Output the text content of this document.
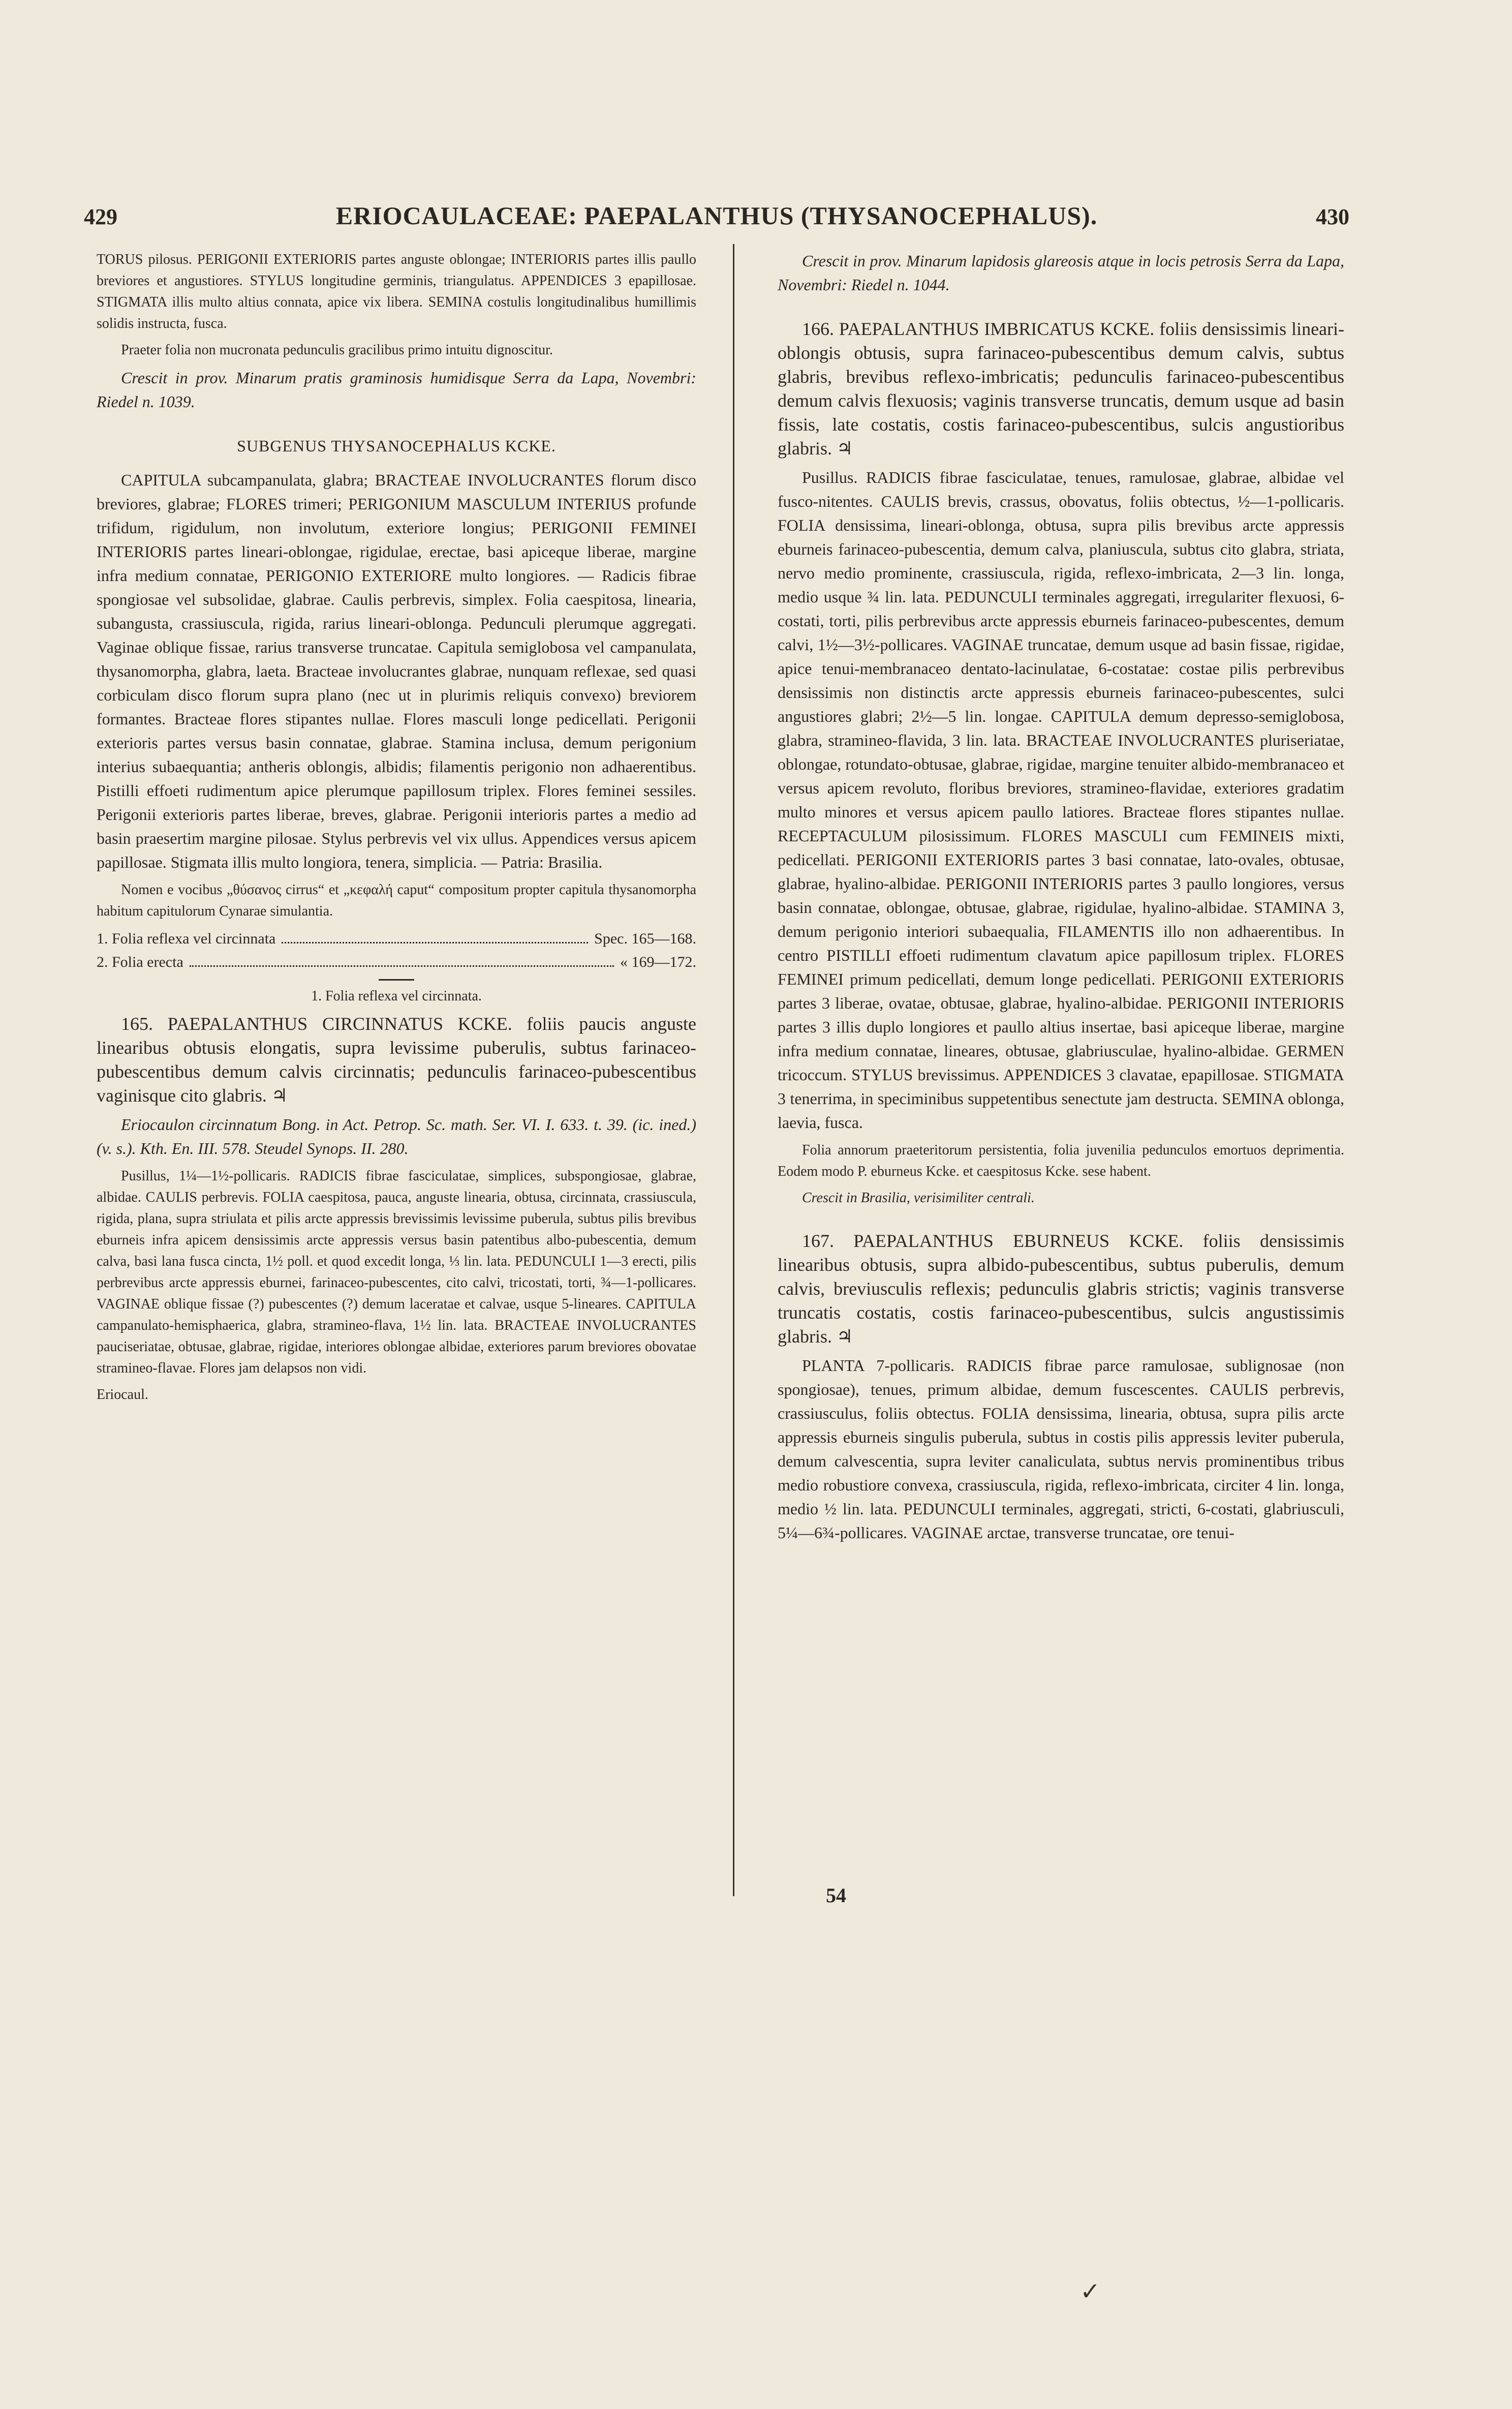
429	ERIOCAULACEAE: PAEPALANTHUS (THYSANOCEPHALUS).	430

TORUS pilosus. PERIGONII EXTERIORIS partes anguste oblongae; INTERIORIS partes illis paullo breviores et angustiores. STYLUS longitudine germinis, triangulatus. APPENDICES 3 epapillosae. STIGMATA illis multo altius connata, apice vix libera. SEMINA costulis longitudinalibus humillimis solidis instructa, fusca.

Praeter folia non mucronata pedunculis gracilibus primo intuitu dignoscitur.

Crescit in prov. Minarum pratis graminosis humidisque Serra da Lapa, Novembri: Riedel n. 1039.

SUBGENUS THYSANOCEPHALUS KCKE.

CAPITULA subcampanulata, glabra; BRACTEAE INVOLUCRANTES florum disco breviores, glabrae; FLORES trimeri; PERIGONIUM MASCULUM INTERIUS profunde trifidum, rigidulum, non involutum, exteriore longius; PERIGONII FEMINEI INTERIORIS partes lineari-oblongae, rigidulae, erectae, basi apiceque liberae, margine infra medium connatae, PERIGONIO EXTERIORE multo longiores. — Radicis fibrae spongiosae vel subsolidae, glabrae. Caulis perbrevis, simplex. Folia caespitosa, linearia, subangusta, crassiuscula, rigida, rarius lineari-oblonga. Pedunculi plerumque aggregati. Vaginae oblique fissae, rarius transverse truncatae. Capitula semiglobosa vel campanulata, thysanomorpha, glabra, laeta. Bracteae involucrantes glabrae, nunquam reflexae, sed quasi corbiculam disco florum supra plano (nec ut in plurimis reliquis convexo) breviorem formantes. Bracteae flores stipantes nullae. Flores masculi longe pedicellati. Perigonii exterioris partes versus basin connatae, glabrae. Stamina inclusa, demum perigonium interius subaequantia; antheris oblongis, albidis; filamentis perigonio non adhaerentibus. Pistilli effoeti rudimentum apice plerumque papillosum triplex. Flores feminei sessiles. Perigonii exterioris partes liberae, breves, glabrae. Perigonii interioris partes a medio ad basin praesertim margine pilosae. Stylus perbrevis vel vix ullus. Appendices versus apicem papillosae. Stigmata illis multo longiora, tenera, simplicia. — Patria: Brasilia.

Nomen e vocibus „θύσανος cirrus“ et „κεφαλή caput“ compositum propter capitula thysanomorpha habitum capitulorum Cynarae simulantia.

1. Folia reflexa vel circinnata	Spec. 165—168.
2. Folia erecta	« 169—172.

1. Folia reflexa vel circinnata.

165. PAEPALANTHUS CIRCINNATUS KCKE. foliis paucis anguste linearibus obtusis elongatis, supra levissime puberulis, subtus farinaceo-pubescentibus demum calvis circinnatis; pedunculis farinaceo-pubescentibus vaginisque cito glabris. ♃

Eriocaulon circinnatum Bong. in Act. Petrop. Sc. math. Ser. VI. I. 633. t. 39. (ic. ined.) (v. s.). Kth. En. III. 578. Steudel Synops. II. 280.

Pusillus, 1¼—1½-pollicaris. RADICIS fibrae fasciculatae, simplices, subspongiosae, glabrae, albidae. CAULIS perbrevis. FOLIA caespitosa, pauca, anguste linearia, obtusa, circinnata, crassiuscula, rigida, plana, supra striulata et pilis arcte appressis brevissimis levissime puberula, subtus pilis brevibus eburneis infra apicem densissimis arcte appressis versus basin patentibus albo-pubescentia, demum calva, basi lana fusca cincta, 1½ poll. et quod excedit longa, ⅓ lin. lata. PEDUNCULI 1—3 erecti, pilis perbrevibus arcte appressis eburnei, farinaceo-pubescentes, cito calvi, tricostati, torti, ¾—1-pollicares. VAGINAE oblique fissae (?) pubescentes (?) demum laceratae et calvae, usque 5-lineares. CAPITULA campanulato-hemisphaerica, glabra, stramineo-flava, 1½ lin. lata. BRACTEAE INVOLUCRANTES pauciseriatae, obtusae, glabrae, rigidae, interiores oblongae albidae, exteriores parum breviores obovatae stramineo-flavae. Flores jam delapsos non vidi.

Eriocaul.

Crescit in prov. Minarum lapidosis glareosis atque in locis petrosis Serra da Lapa, Novembri: Riedel n. 1044.

166. PAEPALANTHUS IMBRICATUS KCKE. foliis densissimis lineari-oblongis obtusis, supra farinaceo-pubescentibus demum calvis, subtus glabris, brevibus reflexo-imbricatis; pedunculis farinaceo-pubescentibus demum calvis flexuosis; vaginis transverse truncatis, demum usque ad basin fissis, late costatis, costis farinaceo-pubescentibus, sulcis angustioribus glabris. ♃

Pusillus. RADICIS fibrae fasciculatae, tenues, ramulosae, glabrae, albidae vel fusco-nitentes. CAULIS brevis, crassus, obovatus, foliis obtectus, ½—1-pollicaris. FOLIA densissima, lineari-oblonga, obtusa, supra pilis brevibus arcte appressis eburneis farinaceo-pubescentia, demum calva, planiuscula, subtus cito glabra, striata, nervo medio prominente, crassiuscula, rigida, reflexo-imbricata, 2—3 lin. longa, medio usque ¾ lin. lata. PEDUNCULI terminales aggregati, irregulariter flexuosi, 6-costati, torti, pilis perbrevibus arcte appressis eburneis farinaceo-pubescentes, demum calvi, 1½—3½-pollicares. VAGINAE truncatae, demum usque ad basin fissae, rigidae, apice tenui-membranaceo dentato-lacinulatae, 6-costatae: costae pilis perbrevibus densissimis non distinctis arcte appressis eburneis farinaceo-pubescentes, sulci angustiores glabri; 2½—5 lin. longae. CAPITULA demum depresso-semiglobosa, glabra, stramineo-flavida, 3 lin. lata. BRACTEAE INVOLUCRANTES pluriseriatae, oblongae, rotundato-obtusae, glabrae, rigidae, margine tenuiter albido-membranaceo et versus apicem revoluto, floribus breviores, stramineo-flavidae, exteriores gradatim multo minores et versus apicem paullo latiores. Bracteae flores stipantes nullae. RECEPTACULUM pilosissimum. FLORES MASCULI cum FEMINEIS mixti, pedicellati. PERIGONII EXTERIORIS partes 3 basi connatae, lato-ovales, obtusae, glabrae, hyalino-albidae. PERIGONII INTERIORIS partes 3 paullo longiores, versus basin connatae, oblongae, obtusae, glabrae, rigidulae, hyalino-albidae. STAMINA 3, demum perigonio interiori subaequalia, FILAMENTIS illo non adhaerentibus. In centro PISTILLI effoeti rudimentum clavatum apice papillosum triplex. FLORES FEMINEI primum pedicellati, demum longe pedicellati. PERIGONII EXTERIORIS partes 3 liberae, ovatae, obtusae, glabrae, hyalino-albidae. PERIGONII INTERIORIS partes 3 illis duplo longiores et paullo altius insertae, basi apiceque liberae, margine infra medium connatae, lineares, obtusae, glabriusculae, hyalino-albidae. GERMEN tricoccum. STYLUS brevissimus. APPENDICES 3 clavatae, epapillosae. STIGMATA 3 tenerrima, in speciminibus suppetentibus senectute jam destructa. SEMINA oblonga, laevia, fusca.

Folia annorum praeteritorum persistentia, folia juvenilia pedunculos emortuos deprimentia. Eodem modo P. eburneus Kcke. et caespitosus Kcke. sese habent.

Crescit in Brasilia, verisimiliter centrali.

167. PAEPALANTHUS EBURNEUS KCKE. foliis densissimis linearibus obtusis, supra albido-pubescentibus, subtus puberulis, demum calvis, breviusculis reflexis; pedunculis glabris strictis; vaginis transverse truncatis costatis, costis farinaceo-pubescentibus, sulcis angustissimis glabris. ♃

PLANTA 7-pollicaris. RADICIS fibrae parce ramulosae, sublignosae (non spongiosae), tenues, primum albidae, demum fuscescentes. CAULIS perbrevis, crassiusculus, foliis obtectus. FOLIA densissima, linearia, obtusa, supra pilis arcte appressis eburneis singulis puberula, subtus in costis pilis appressis leviter puberula, demum calvescentia, supra leviter canaliculata, subtus nervis prominentibus tribus medio robustiore convexa, crassiuscula, rigida, reflexo-imbricata, circiter 4 lin. longa, medio ½ lin. lata. PEDUNCULI terminales, aggregati, stricti, 6-costati, glabriusculi, 5¼—6¾-pollicares. VAGINAE arctae, transverse truncatae, ore tenui-

54
✓
